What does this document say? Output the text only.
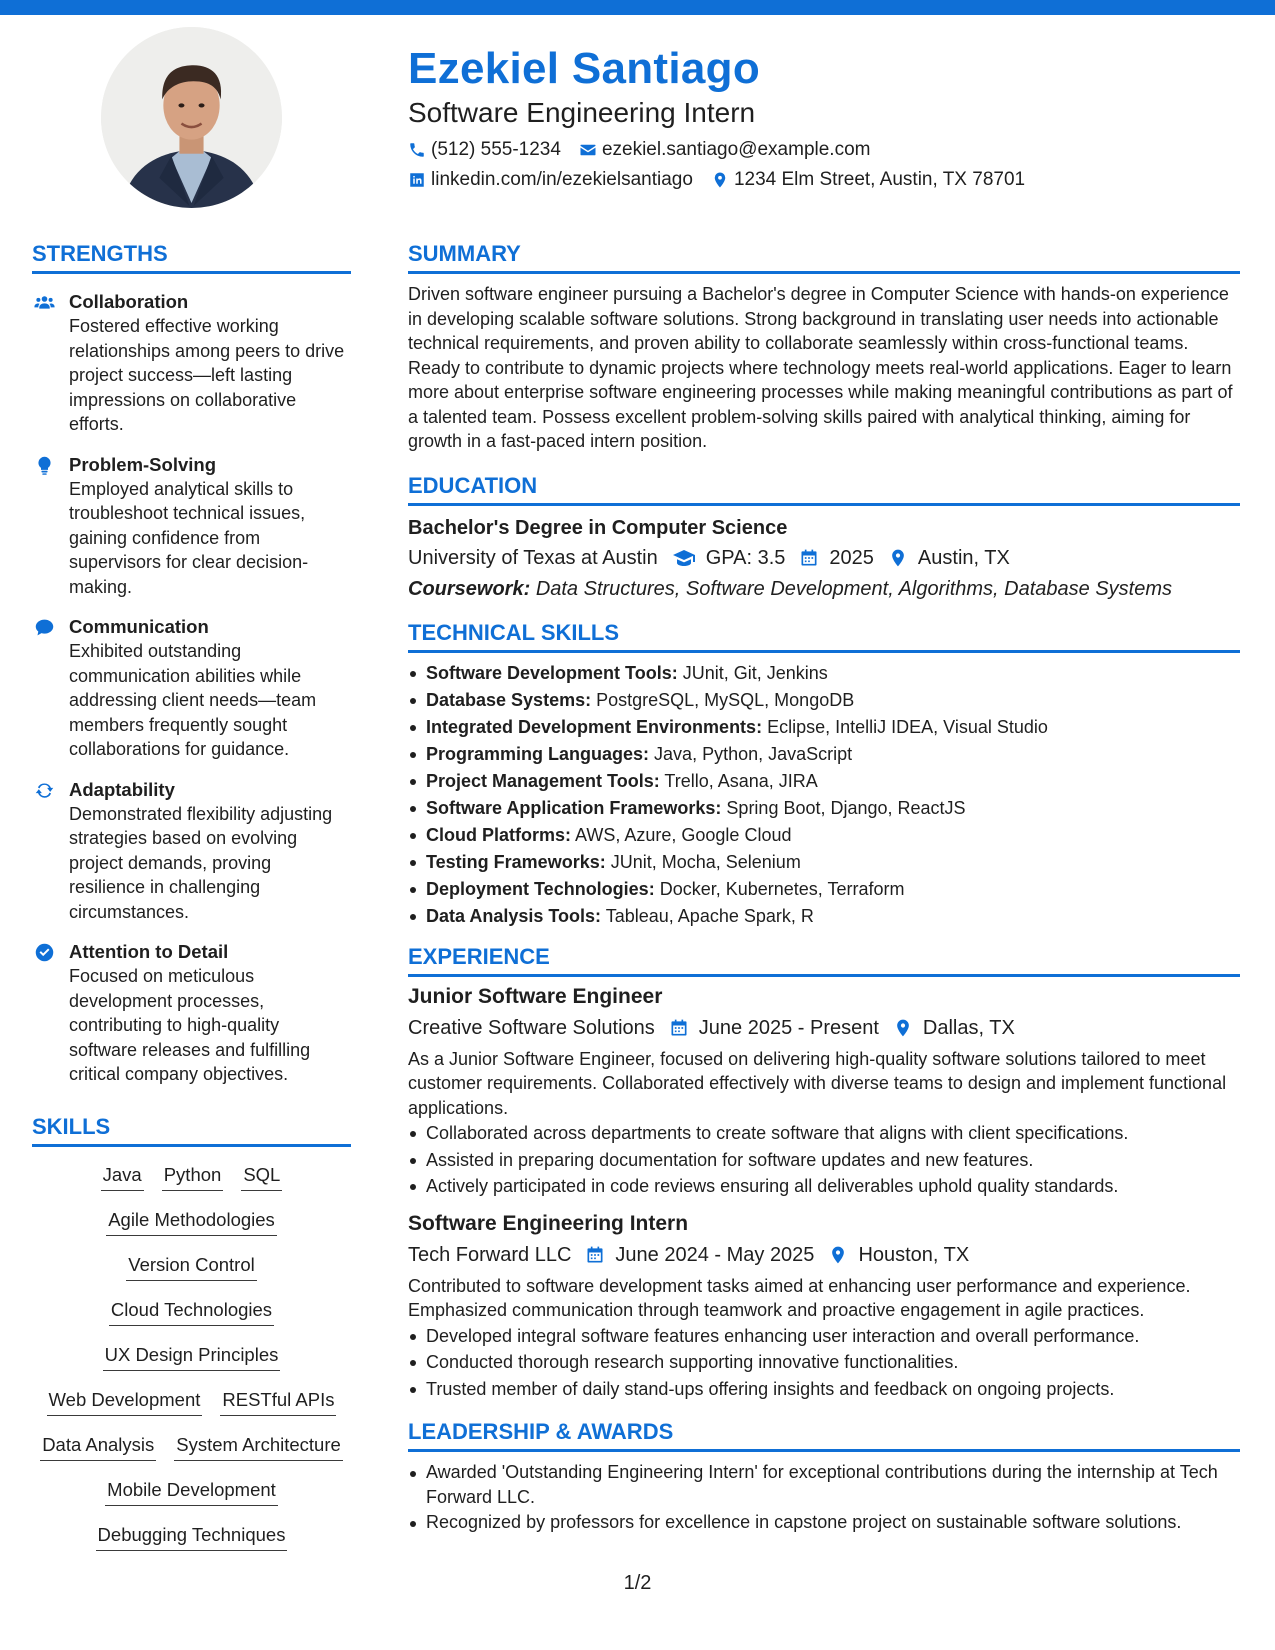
Ezekiel Santiago
Software Engineering Intern
(512) 555-1234 ezekiel.santiago@example.com
linkedin.com/in/ezekielsantiago 1234 Elm Street, Austin, TX 78701
STRENGTHS
Collaboration
Fostered effective working relationships among peers to drive project success—left lasting impressions on collaborative efforts.
Problem-Solving
Employed analytical skills to troubleshoot technical issues, gaining confidence from supervisors for clear decision-making.
Communication
Exhibited outstanding communication abilities while addressing client needs—team members frequently sought collaborations for guidance.
Adaptability
Demonstrated flexibility adjusting strategies based on evolving project demands, proving resilience in challenging circumstances.
Attention to Detail
Focused on meticulous development processes, contributing to high-quality software releases and fulfilling critical company objectives.
SKILLS
Java Python SQL
Agile Methodologies
Version Control
Cloud Technologies
UX Design Principles
Web Development RESTful APIs
Data Analysis System Architecture
Mobile Development
Debugging Techniques
SUMMARY

Driven software engineer pursuing a Bachelor's degree in Computer Science with hands-on experience in developing scalable software solutions. Strong background in translating user needs into actionable technical requirements, and proven ability to collaborate seamlessly within cross-functional teams. Ready to contribute to dynamic projects where technology meets real-world applications. Eager to learn more about enterprise software engineering processes while making meaningful contributions as part of a talented team. Possess excellent problem-solving skills paired with analytical thinking, aiming for growth in a fast-paced intern position.

EDUCATION
Bachelor's Degree in Computer Science
University of Texas at Austin GPA: 3.5 2025 Austin, TX
Coursework: Data Structures, Software Development, Algorithms, Database Systems
TECHNICAL SKILLS
Software Development Tools: JUnit, Git, Jenkins
Database Systems: PostgreSQL, MySQL, MongoDB
Integrated Development Environments: Eclipse, IntelliJ IDEA, Visual Studio
Programming Languages: Java, Python, JavaScript
Project Management Tools: Trello, Asana, JIRA
Software Application Frameworks: Spring Boot, Django, ReactJS
Cloud Platforms: AWS, Azure, Google Cloud
Testing Frameworks: JUnit, Mocha, Selenium
Deployment Technologies: Docker, Kubernetes, Terraform
Data Analysis Tools: Tableau, Apache Spark, R
EXPERIENCE
Junior Software Engineer
Creative Software Solutions June 2025 - Present Dallas, TX

As a Junior Software Engineer, focused on delivering high-quality software solutions tailored to meet customer requirements. Collaborated effectively with diverse teams to design and implement functional applications.

Collaborated across departments to create software that aligns with client specifications.
Assisted in preparing documentation for software updates and new features.
Actively participated in code reviews ensuring all deliverables uphold quality standards.
Software Engineering Intern
Tech Forward LLC June 2024 - May 2025 Houston, TX

Contributed to software development tasks aimed at enhancing user performance and experience. Emphasized communication through teamwork and proactive engagement in agile practices.

Developed integral software features enhancing user interaction and overall performance.
Conducted thorough research supporting innovative functionalities.
Trusted member of daily stand-ups offering insights and feedback on ongoing projects.
LEADERSHIP & AWARDS
Awarded 'Outstanding Engineering Intern' for exceptional contributions during the internship at Tech Forward LLC.
Recognized by professors for excellence in capstone project on sustainable software solutions.
1/2
